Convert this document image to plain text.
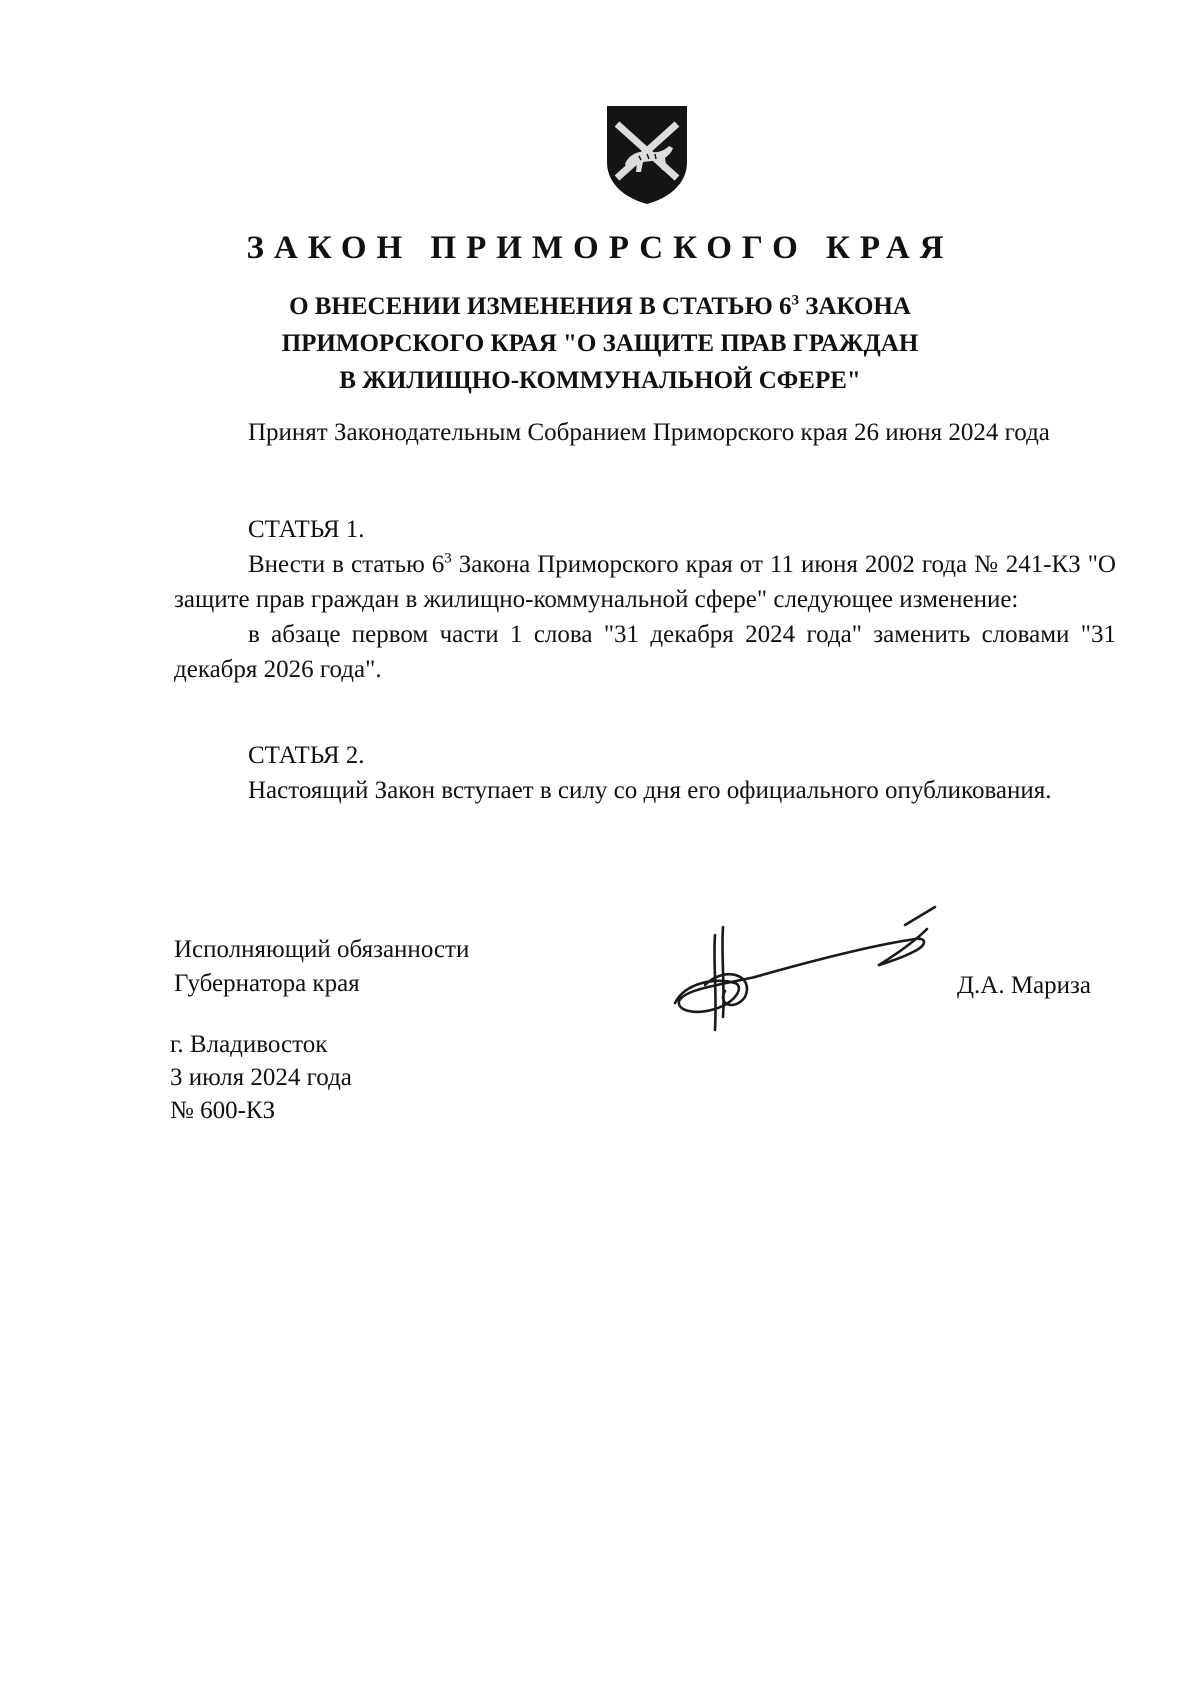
ЗАКОН ПРИМОРСКОГО КРАЯ

О ВНЕСЕНИИ ИЗМЕНЕНИЯ В СТАТЬЮ $6^3$ ЗАКОНА

ПРИМОРСКОГО КРАЯ "О ЗАЩИТЕ ПРАВ ГРАЖДАН

В ЖИЛИЩНО-КОММУНАЛЬНОЙ СФЕРЕ"

Принят Законодательным Собранием Приморского края 26 июня 2024 года

СТАТЬЯ 1.

Внести в статью $6^3$ Закона Приморского края от 11 июня 2002 года № 241-КЗ "О защите прав граждан в жилищно-коммунальной сфере" следующее изменение:

в абзаце первом части 1 слова "31 декабря 2024 года" заменить словами "31 декабря 2026 года".

СТАТЬЯ 2.

Настоящий Закон вступает в силу со дня его официального опубликования.

Исполняющий обязанности

Губернатора края	Д.А. Мариза

г. Владивосток

3 июля 2024 года

№ 600-КЗ
